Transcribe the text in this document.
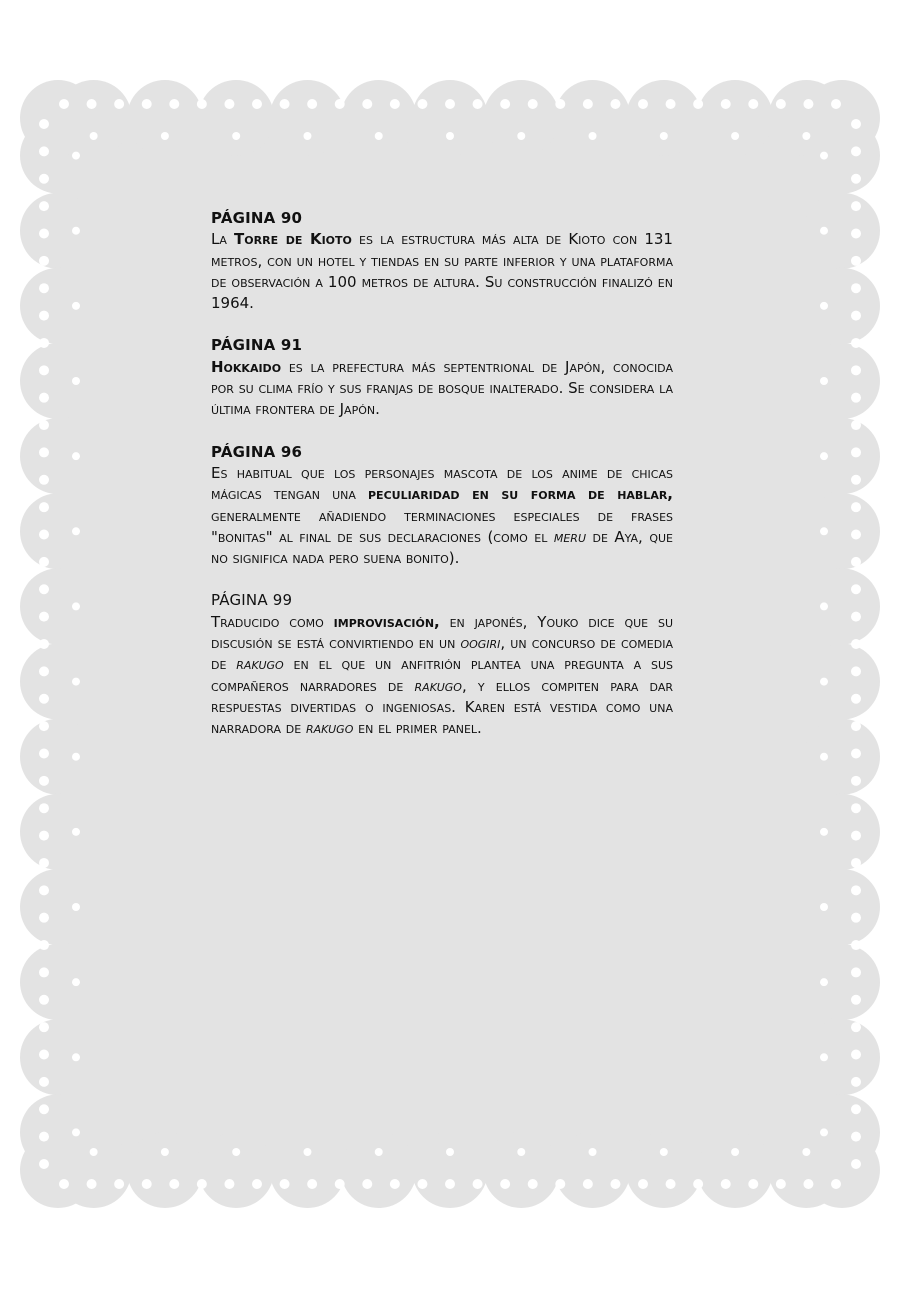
PÁGINA 90

La Torre de Kioto es la estructura más alta de Kioto con 131 metros, con un hotel y tiendas en su parte inferior y una plataforma de observación a 100 metros de altura. Su construcción finalizó en 1964.

PÁGINA 91

Hokkaido es la prefectura más septentrional de Japón, conocida por su clima frío y sus franjas de bosque inalterado. Se considera la última frontera de Japón.

PÁGINA 96

Es habitual que los personajes mascota de los anime de chicas mágicas tengan una peculiaridad en su forma de hablar, generalmente añadiendo terminaciones especiales de frases "bonitas" al final de sus declaraciones (como el meru de Aya, que no significa nada pero suena bonito).

PÁGINA 99

Traducido como improvisación, en japonés, Youko dice que su discusión se está convirtiendo en un oogiri, un concurso de comedia de rakugo en el que un anfitrión plantea una pregunta a sus compañeros narradores de rakugo, y ellos compiten para dar respuestas divertidas o ingeniosas. Karen está vestida como una narradora de rakugo en el primer panel.
